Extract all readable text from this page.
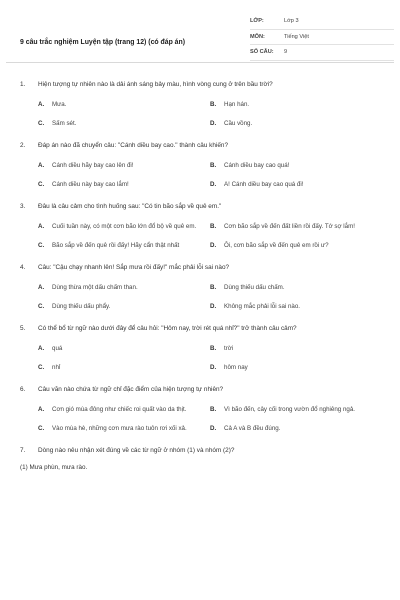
9 câu trắc nghiệm Luyện tập (trang 12) (có đáp án)
LỚP:	Lớp 3
MÔN:	Tiếng Việt
SỐ CÂU:	9
1. Hiện tượng tự nhiên nào là dải ánh sáng bảy màu, hình vòng cung ở trên bầu trời?
A.	Mưa.	B.	Hạn hán.
C.	Sấm sét.	D.	Cầu vồng.
2. Đáp án nào đã chuyển câu: "Cánh diều bay cao." thành câu khiến?
A.	Cánh diều hãy bay cao lên đi!	B.	Cánh diều bay cao quá!
C.	Cánh diều này bay cao lắm!	D.	A! Cánh diều bay cao quá đi!
3. Đâu là câu cảm cho tình huống sau: "Có tin bão sắp về quê em."
A.	Cuối tuần này, có một cơn bão lớn đổ bộ về quê em.	B.	Cơn bão sắp về đến đất liền rồi đấy. Tớ sợ lắm!
C.	Bão sắp về đến quê rồi đấy! Hãy cẩn thật nhất	D.	Ôi, cơn bão sắp về đến quê em rồi ư?
4. Câu: "Cậu chạy nhanh lên! Sắp mưa rồi đấy!" mắc phải lỗi sai nào?
A.	Dùng thừa một dấu chấm than.	B.	Dùng thiếu dấu chấm.
C.	Dùng thiếu dấu phẩy.	D.	Không mắc phải lỗi sai nào.
5. Có thể bổ từ ngữ nào dưới đây để câu hỏi: "Hôm nay, trời rét quá nhỉ?" trở thành câu cảm?
A.	quá	B.	trời
C.	nhỉ	D.	hôm nay
6. Câu văn nào chứa từ ngữ chỉ đặc điểm của hiện tượng tự nhiên?
A.	Cơn gió mùa đông như chiếc roi quất vào da thịt.	B.	Vì bão đến, cây cối trong vườn đổ nghiêng ngả.
C.	Vào mùa hè, những cơn mưa rào tuôn rơi xối xả.	D.	Cả A và B đều đúng.
7. Dòng nào nêu nhận xét đúng về các từ ngữ ở nhóm (1) và nhóm (2)?
(1) Mưa phùn, mưa rào.
